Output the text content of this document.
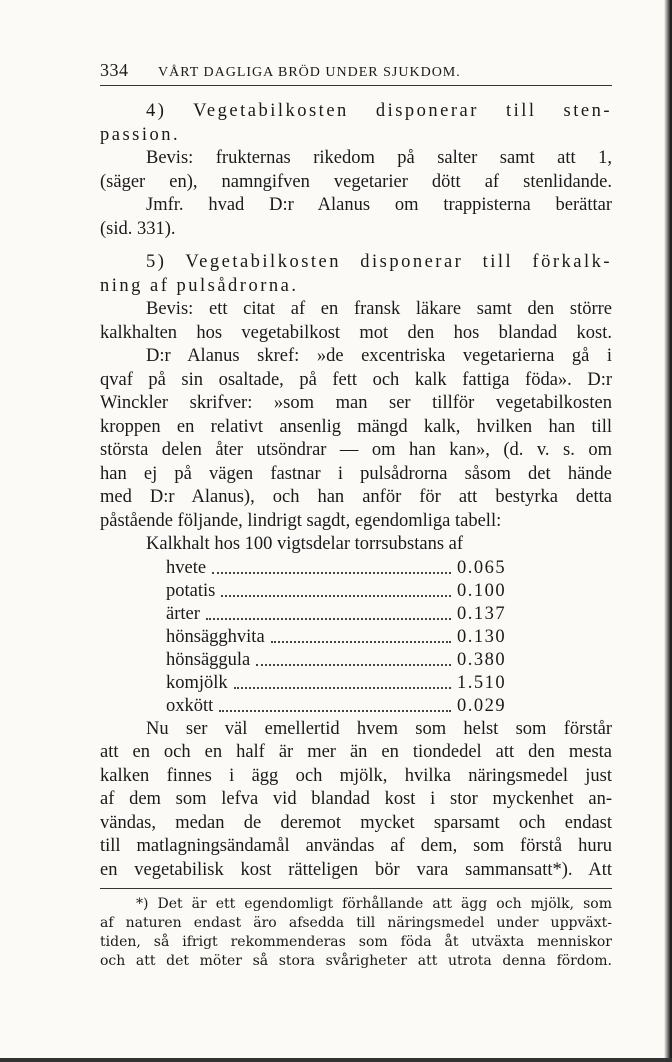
334	VÅRT DAGLIGA BRÖD UNDER SJUKDOM.
4) Vegetabilkosten disponerar till sten-
passion.
Bevis: frukternas rikedom på salter samt att 1,
(säger en), namngifven vegetarier dött af stenlidande.
Jmfr. hvad D:r Alanus om trappisterna berättar
(sid. 331).
5) Vegetabilkosten disponerar till förkalk-
ning af pulsådrorna.
Bevis: ett citat af en fransk läkare samt den större
kalkhalten hos vegetabilkost mot den hos blandad kost.
D:r Alanus skref: »de excentriska vegetarierna gå i
qvaf på sin osaltade, på fett och kalk fattiga föda». D:r
Winckler skrifver: »som man ser tillför vegetabilkosten
kroppen en relativt ansenlig mängd kalk, hvilken han till
största delen åter utsöndrar — om han kan», (d. v. s. om
han ej på vägen fastnar i pulsådrorna såsom det hände
med D:r Alanus), och han anför för att bestyrka detta
påstående följande, lindrigt sagdt, egendomliga tabell:
Kalkhalt hos 100 vigtsdelar torrsubstans af
hvete	0.065
potatis	0.100
ärter	0.137
hönsägghvita	0.130
hönsäggula	0.380
komjölk	1.510
oxkött	0.029
Nu ser väl emellertid hvem som helst som förstår
att en och en half är mer än en tiondedel att den mesta
kalken finnes i ägg och mjölk, hvilka näringsmedel just
af dem som lefva vid blandad kost i stor myckenhet an-
vändas, medan de deremot mycket sparsamt och endast
till matlagningsändamål användas af dem, som förstå huru
en vegetabilisk kost rätteligen bör vara sammansatt*). Att
*) Det är ett egendomligt förhållande att ägg och mjölk, som
af naturen endast äro afsedda till näringsmedel under uppväxt-
tiden, så ifrigt rekommenderas som föda åt utväxta menniskor
och att det möter så stora svårigheter att utrota denna fördom.
